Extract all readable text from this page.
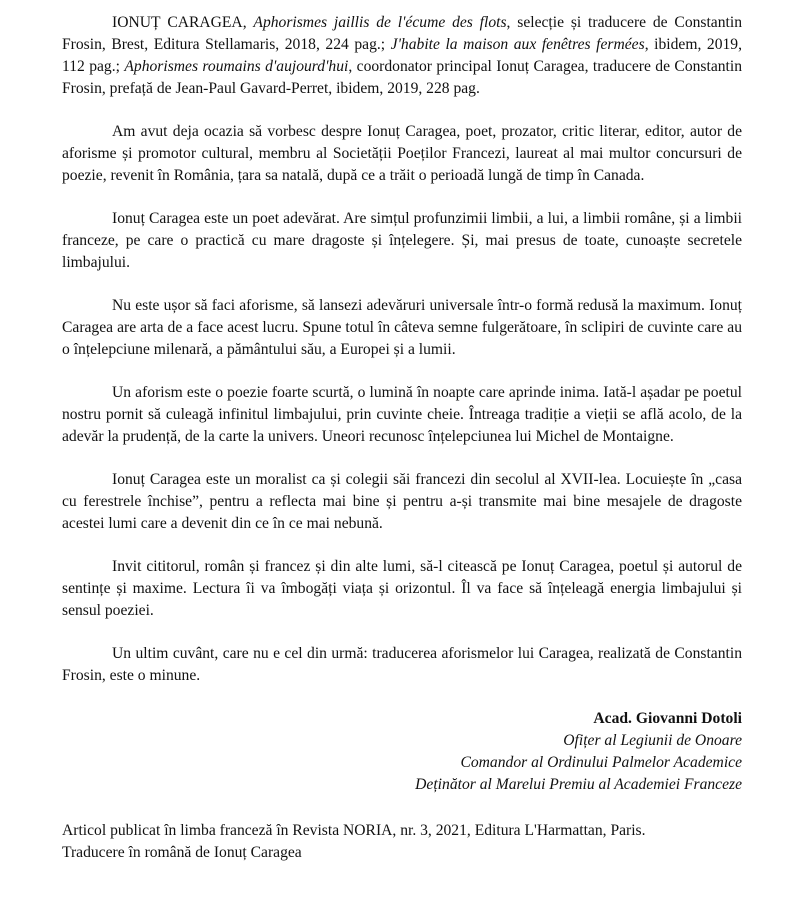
IONUȚ CARAGEA, Aphorismes jaillis de l'écume des flots, selecție și traducere de Constantin Frosin, Brest, Editura Stellamaris, 2018, 224 pag.; J'habite la maison aux fenêtres fermées, ibidem, 2019, 112 pag.; Aphorismes roumains d'aujourd'hui, coordonator principal Ionuț Caragea, traducere de Constantin Frosin, prefață de Jean-Paul Gavard-Perret, ibidem, 2019, 228 pag.

Am avut deja ocazia să vorbesc despre Ionuț Caragea, poet, prozator, critic literar, editor, autor de aforisme și promotor cultural, membru al Societății Poeților Francezi, laureat al mai multor concursuri de poezie, revenit în România, țara sa natală, după ce a trăit o perioadă lungă de timp în Canada.

Ionuț Caragea este un poet adevărat. Are simțul profunzimii limbii, a lui, a limbii române, și a limbii franceze, pe care o practică cu mare dragoste și înțelegere. Și, mai presus de toate, cunoaște secretele limbajului.

Nu este ușor să faci aforisme, să lansezi adevăruri universale într-o formă redusă la maximum. Ionuț Caragea are arta de a face acest lucru. Spune totul în câteva semne fulgerătoare, în sclipiri de cuvinte care au o înțelepciune milenară, a pământului său, a Europei și a lumii.

Un aforism este o poezie foarte scurtă, o lumină în noapte care aprinde inima. Iată-l așadar pe poetul nostru pornit să culeagă infinitul limbajului, prin cuvinte cheie. Întreaga tradiție a vieții se află acolo, de la adevăr la prudență, de la carte la univers. Uneori recunosc înțelepciunea lui Michel de Montaigne.

Ionuț Caragea este un moralist ca și colegii săi francezi din secolul al XVII-lea. Locuiește în „casa cu ferestrele închise”, pentru a reflecta mai bine și pentru a-și transmite mai bine mesajele de dragoste acestei lumi care a devenit din ce în ce mai nebună.

Invit cititorul, român și francez și din alte lumi, să-l citească pe Ionuț Caragea, poetul și autorul de sentințe și maxime. Lectura îi va îmbogăți viața și orizontul. Îl va face să înțeleagă energia limbajului și sensul poeziei.

Un ultim cuvânt, care nu e cel din urmă: traducerea aforismelor lui Caragea, realizată de Constantin Frosin, este o minune.

Acad. Giovanni Dotoli
Ofițer al Legiunii de Onoare
Comandor al Ordinului Palmelor Academice
Deținător al Marelui Premiu al Academiei Franceze
Articol publicat în limba franceză în Revista NORIA, nr. 3, 2021, Editura L'Harmattan, Paris.
Traducere în română de Ionuț Caragea
